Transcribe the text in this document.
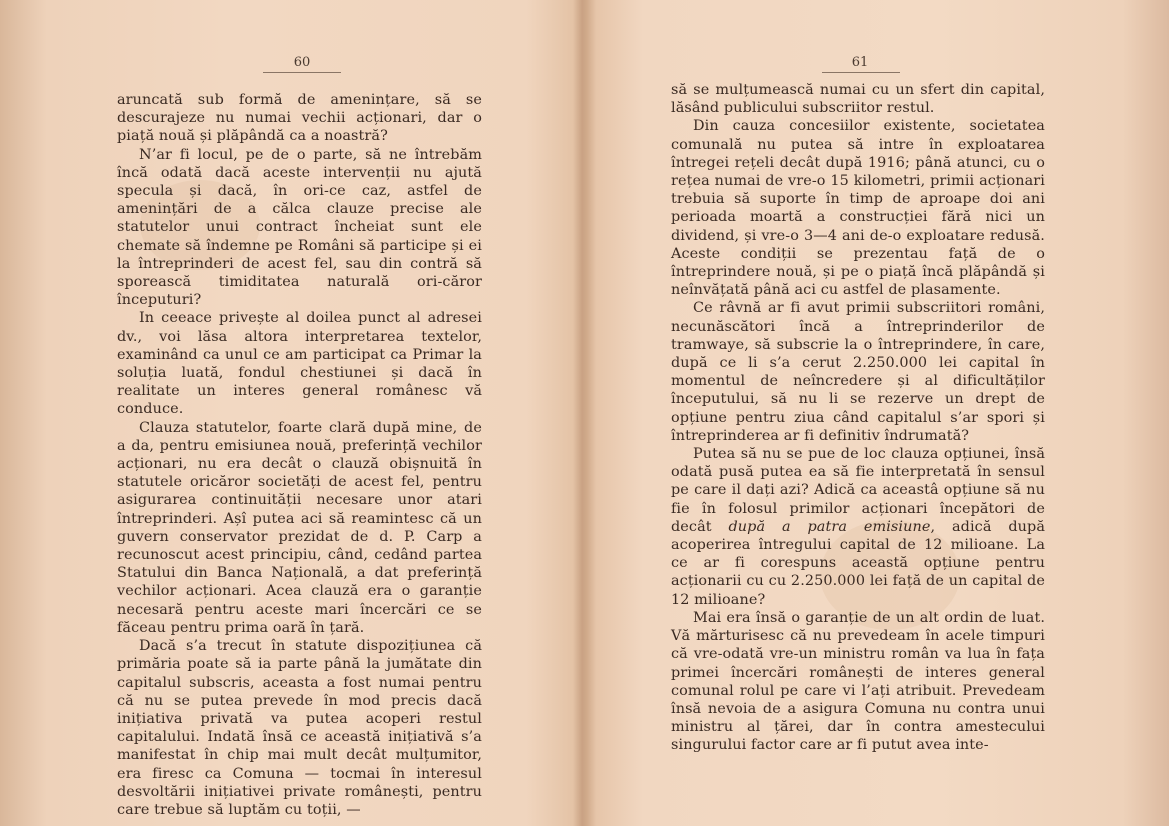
60

aruncată sub formă de amenințare, să se descurajeze nu numai vechii acționari, dar o piață nouă și plăpândă ca a noastră?

N’ar fi locul, pe de o parte, să ne întrebăm încă odată dacă aceste intervenții nu ajută specula și dacă, în ori-ce caz, astfel de amenințări de a călca clauze precise ale statutelor unui contract încheiat sunt ele chemate să îndemne pe Români să participe și ei la întreprinderi de acest fel, sau din contră să sporească timiditatea naturală ori-căror începuturi?

In ceeace privește al doilea punct al adresei dv., voi lăsa altora interpretarea textelor, examinând ca unul ce am participat ca Primar la soluția luată, fondul chestiunei și dacă în realitate un interes general românesc vă conduce.

Clauza statutelor, foarte clară după mine, de a da, pentru emisiunea nouă, preferință vechilor acționari, nu era decât o clauză obișnuită în statutele oricăror societăți de acest fel, pentru asigurarea continuității necesare unor atari întreprinderi. Așî putea aci să reamintesc că un guvern conservator prezidat de d. P. Carp a recunoscut acest principiu, când, cedând partea Statului din Banca Națională, a dat preferință vechilor acționari. Acea clauză era o garanție necesară pentru aceste mari încercări ce se făceau pentru prima oară în țară.

Dacă s’a trecut în statute dispozițiunea că primăria poate să ia parte până la jumătate din capitalul subscris, aceasta a fost numai pentru că nu se putea prevede în mod precis dacă inițiativa privată va putea acoperi restul capitalului. Indată însă ce această inițiativă s’a manifestat în chip mai mult decât mulțumitor, era firesc ca Comuna — tocmai în interesul desvoltării inițiativei private românești, pentru care trebue să luptăm cu toții, —

61

să se mulțumească numai cu un sfert din capital, lăsând publicului subscriitor restul.

Din cauza concesiilor existente, societatea comunală nu putea să intre în exploatarea întregei rețeli decât după 1916; până atunci, cu o rețea numai de vre-o 15 kilometri, primii acționari trebuia să suporte în timp de aproape doi ani perioada moartă a construcției fără nici un dividend, și vre-o 3—4 ani de-o exploatare redusă. Aceste condiții se prezentau față de o întreprindere nouă, și pe o piață încă plăpândă și neînvățată până aci cu astfel de plasamente.

Ce râvnă ar fi avut primii subscriitori români, necunăscători încă a întreprinderilor de tramwaye, să subscrie la o întreprindere, în care, după ce li s’a cerut 2.250.000 lei capital în momentul de neîncredere și al dificultăților începutului, să nu li se rezerve un drept de opțiune pentru ziua când capitalul s’ar spori și întreprinderea ar fi definitiv îndrumată?

Putea să nu se pue de loc clauza opțiunei, însă odată pusă putea ea să fie interpretată în sensul pe care il dați azi? Adică ca aceastâ opțiune să nu fie în folosul primilor acționari începători de decât după a patra emisiune, adică după acoperirea întregului capital de 12 milioane. La ce ar fi corespuns această opțiune pentru acționarii cu cu 2.250.000 lei față de un capital de 12 milioane?

Mai era însă o garanție de un alt ordin de luat. Vă mărturisesc că nu prevedeam în acele timpuri că vre-odată vre-un ministru român va lua în fața primei încercări românești de interes general comunal rolul pe care vi l’ați atribuit. Prevedeam însă nevoia de a asigura Comuna nu contra unui ministru al țărei, dar în contra amestecului singurului factor care ar fi putut avea inte-
